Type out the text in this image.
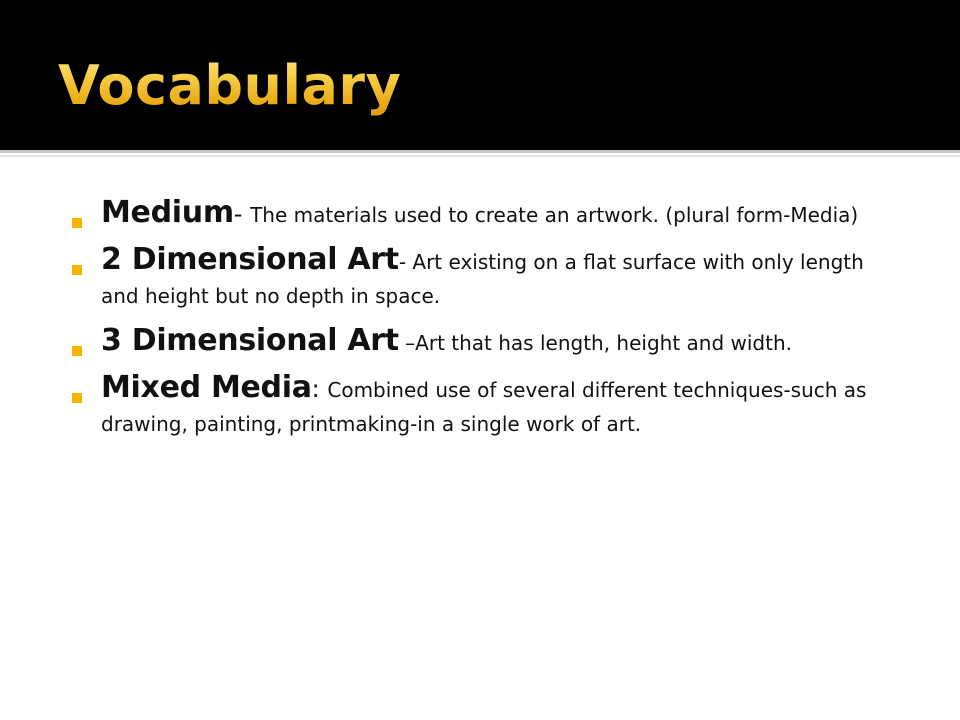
Vocabulary
Medium- The materials used to create an artwork. (plural form-Media)
2 Dimensional Art- Art existing on a flat surface with only length and height but no depth in space.
3 Dimensional Art –Art that has length, height and width.
Mixed Media: Combined use of several different techniques-such as drawing, painting, printmaking-in a single work of art.
